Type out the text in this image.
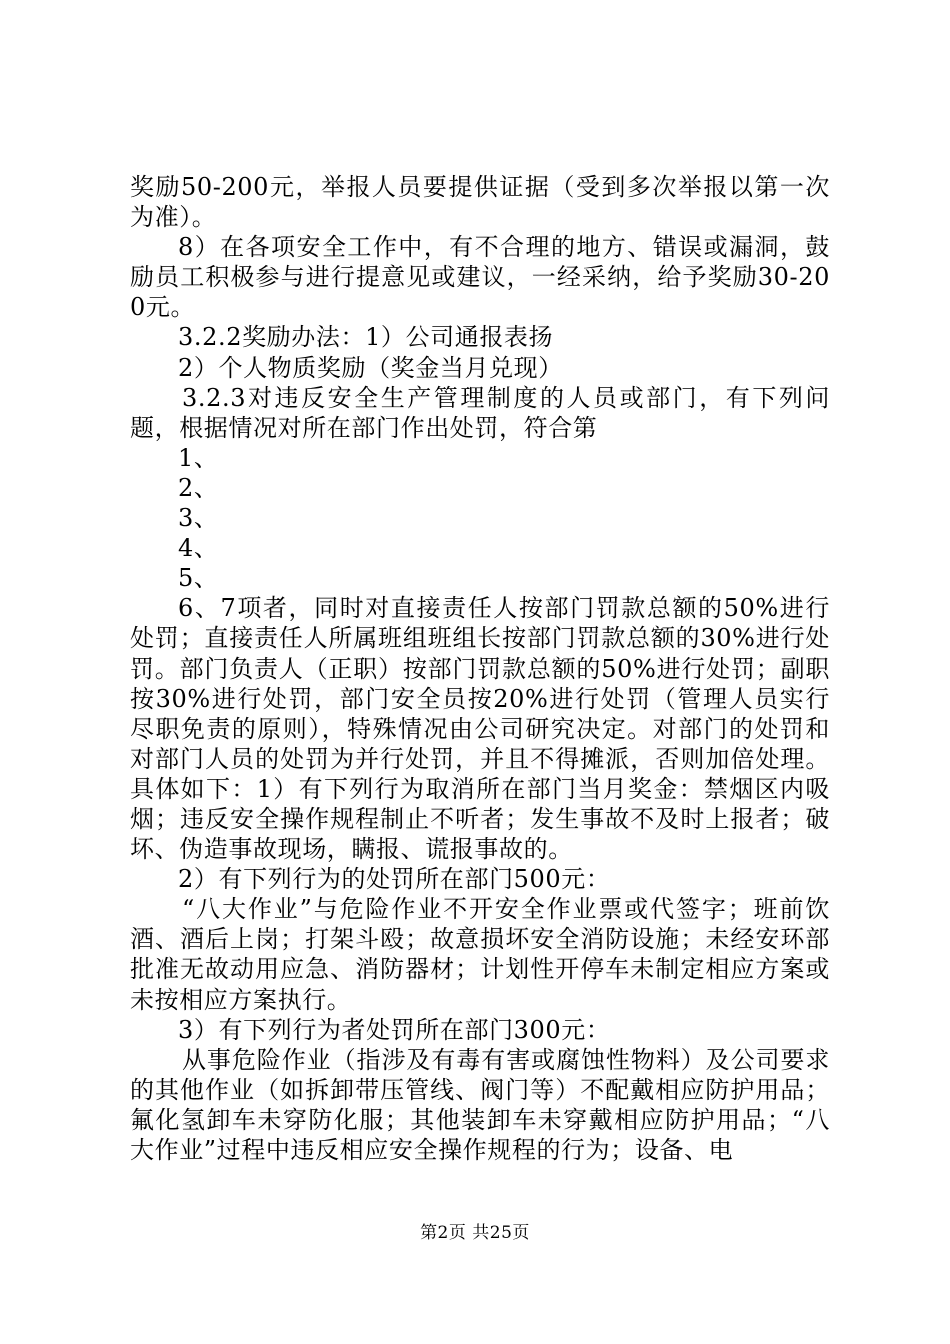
奖励50-200元，举报人员要提供证据（受到多次举报以第一次为准）。

8）在各项安全工作中，有不合理的地方、错误或漏洞，鼓励员工积极参与进行提意见或建议，一经采纳，给予奖励30-200元。

3.2.2奖励办法：1）公司通报表扬

2）个人物质奖励（奖金当月兑现）

3.2.3对违反安全生产管理制度的人员或部门，有下列问题，根据情况对所在部门作出处罚，符合第

1、

2、

3、

4、

5、

6、7项者，同时对直接责任人按部门罚款总额的50%进行处罚；直接责任人所属班组班组长按部门罚款总额的30%进行处罚。部门负责人（正职）按部门罚款总额的50%进行处罚；副职按30%进行处罚，部门安全员按20%进行处罚（管理人员实行尽职免责的原则），特殊情况由公司研究决定。对部门的处罚和对部门人员的处罚为并行处罚，并且不得摊派，否则加倍处理。具体如下：1）有下列行为取消所在部门当月奖金：禁烟区内吸烟；违反安全操作规程制止不听者；发生事故不及时上报者；破坏、伪造事故现场，瞒报、谎报事故的。

2）有下列行为的处罚所在部门500元：

“八大作业”与危险作业不开安全作业票或代签字；班前饮酒、酒后上岗；打架斗殴；故意损坏安全消防设施；未经安环部批准无故动用应急、消防器材；计划性开停车未制定相应方案或未按相应方案执行。

3）有下列行为者处罚所在部门300元：

从事危险作业（指涉及有毒有害或腐蚀性物料）及公司要求的其他作业（如拆卸带压管线、阀门等）不配戴相应防护用品；氟化氢卸车未穿防化服；其他装卸车未穿戴相应防护用品；“八大作业”过程中违反相应安全操作规程的行为；设备、电

第2页 共25页
